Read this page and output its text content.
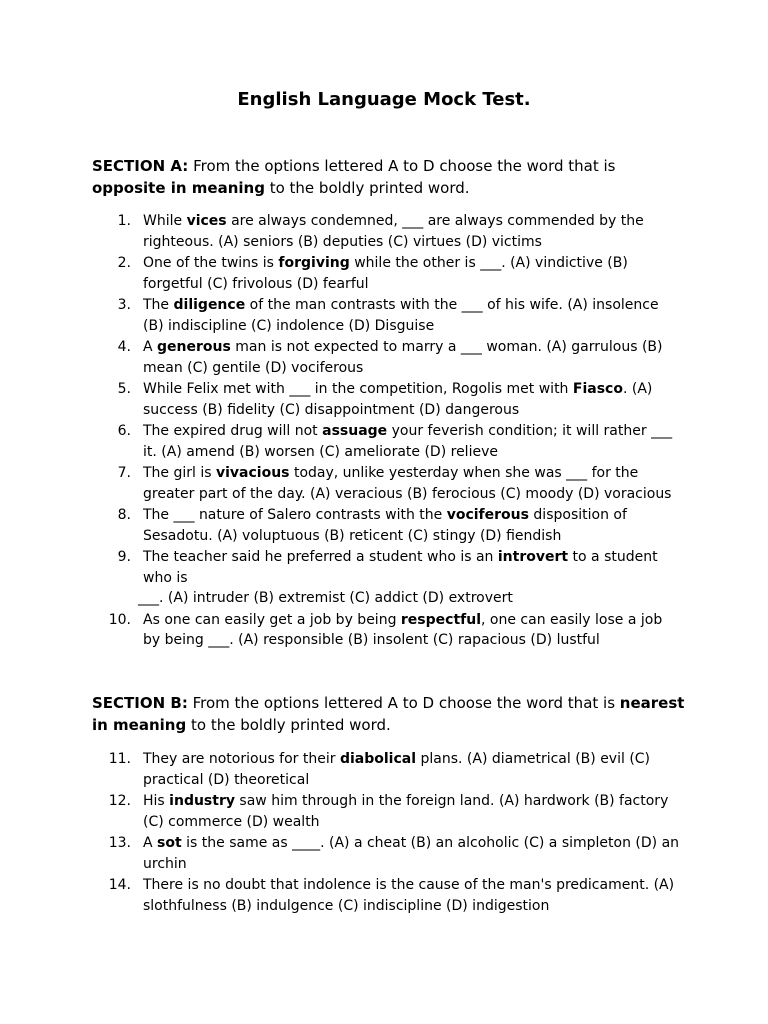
English Language Mock Test.

SECTION A: From the options lettered A to D choose the word that is opposite in meaning to the boldly printed word.

1. While vices are always condemned, ___ are always commended by the righteous. (A) seniors (B) deputies (C) virtues (D) victims
2. One of the twins is forgiving while the other is ___. (A) vindictive (B) forgetful (C) frivolous (D) fearful
3. The diligence of the man contrasts with the ___ of his wife. (A) insolence (B) indiscipline (C) indolence (D) Disguise
4. A generous man is not expected to marry a ___ woman. (A) garrulous (B) mean (C) gentile (D) vociferous
5. While Felix met with ___ in the competition, Rogolis met with Fiasco. (A) success (B) fidelity (C) disappointment (D) dangerous
6. The expired drug will not assuage your feverish condition; it will rather ___ it. (A) amend (B) worsen (C) ameliorate (D) relieve
7. The girl is vivacious today, unlike yesterday when she was ___ for the greater part of the day. (A) veracious (B) ferocious (C) moody (D) voracious
8. The ___ nature of Salero contrasts with the vociferous disposition of Sesadotu. (A) voluptuous (B) reticent (C) stingy (D) fiendish
9. The teacher said he preferred a student who is an introvert to a student who is
___. (A) intruder (B) extremist (C) addict (D) extrovert
10. As one can easily get a job by being respectful, one can easily lose a job by being ___. (A) responsible (B) insolent (C) rapacious (D) lustful

SECTION B: From the options lettered A to D choose the word that is nearest in meaning to the boldly printed word.

11. They are notorious for their diabolical plans. (A) diametrical (B) evil (C) practical (D) theoretical
12. His industry saw him through in the foreign land. (A) hardwork (B) factory (C) commerce (D) wealth
13. A sot is the same as ____. (A) a cheat (B) an alcoholic (C) a simpleton (D) an urchin
14. There is no doubt that indolence is the cause of the man's predicament. (A) slothfulness (B) indulgence (C) indiscipline (D) indigestion
